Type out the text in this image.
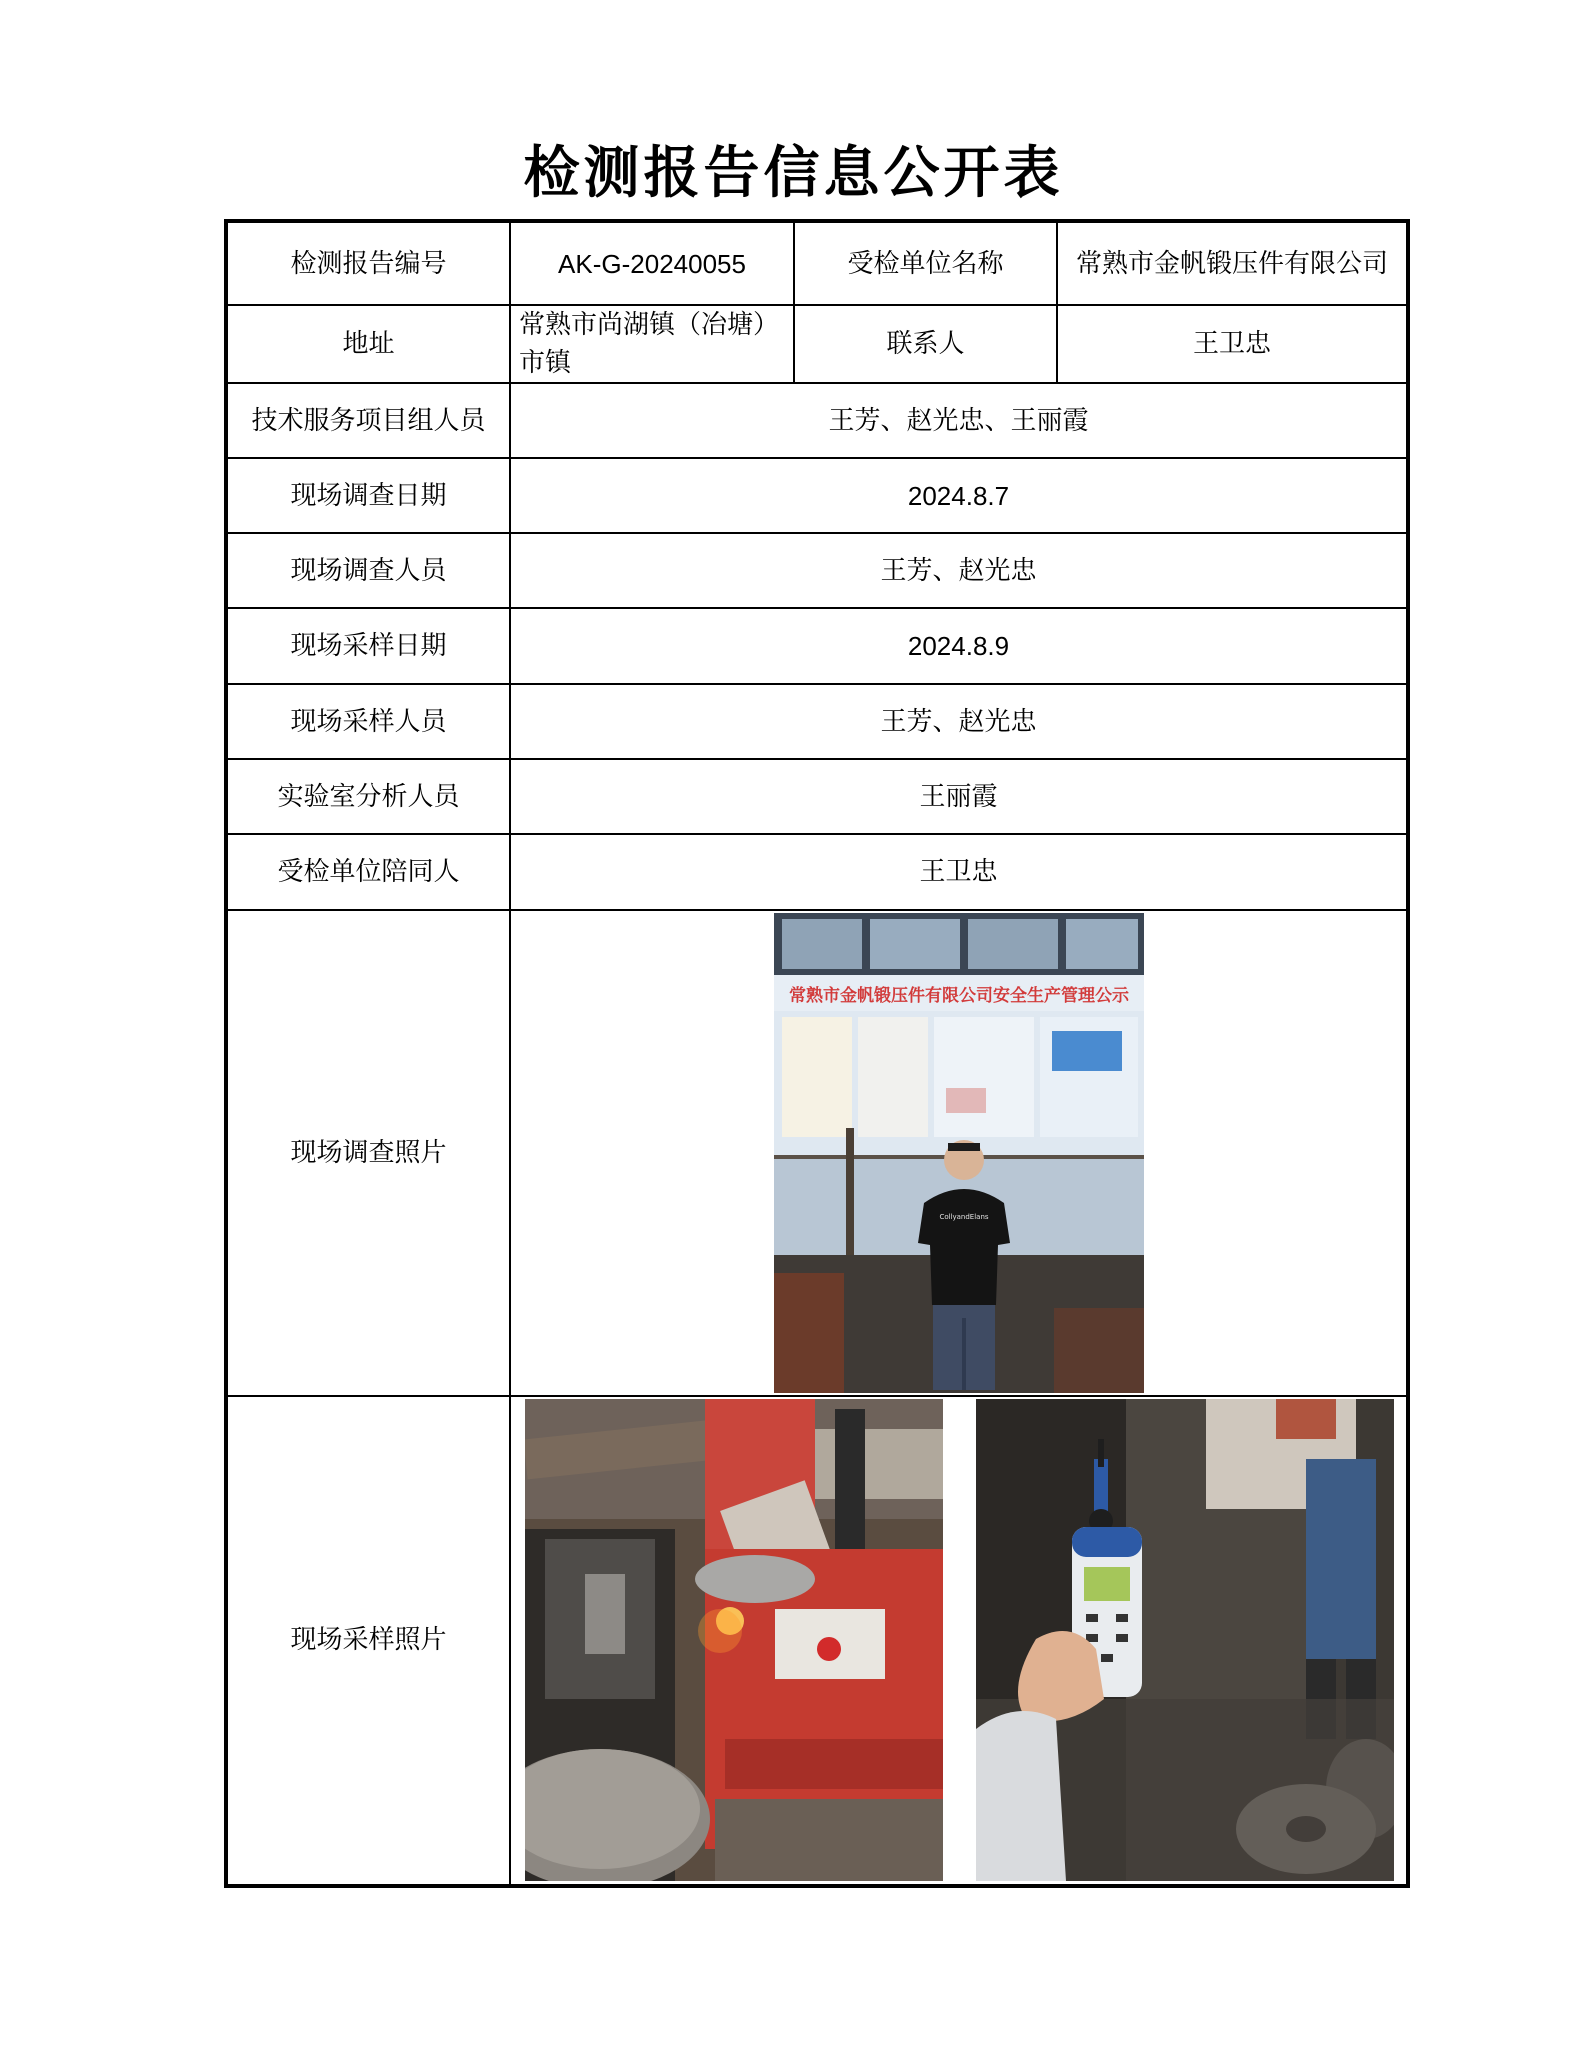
检测报告信息公开表
检测报告编号	AK-G-20240055	受检单位名称	常熟市金帆锻压件有限公司
地址	常熟市尚湖镇（冶塘）市镇	联系人	王卫忠
技术服务项目组人员	王芳、赵光忠、王丽霞		
现场调查日期	2024.8.7		
现场调查人员	王芳、赵光忠		
现场采样日期	2024.8.9		
现场采样人员	王芳、赵光忠		
实验室分析人员	王丽霞		
受检单位陪同人	王卫忠		
现场调查照片	常熟市金帆锻压件有限公司安全生产管理公示
CollyandElans		

现场采样照片	
